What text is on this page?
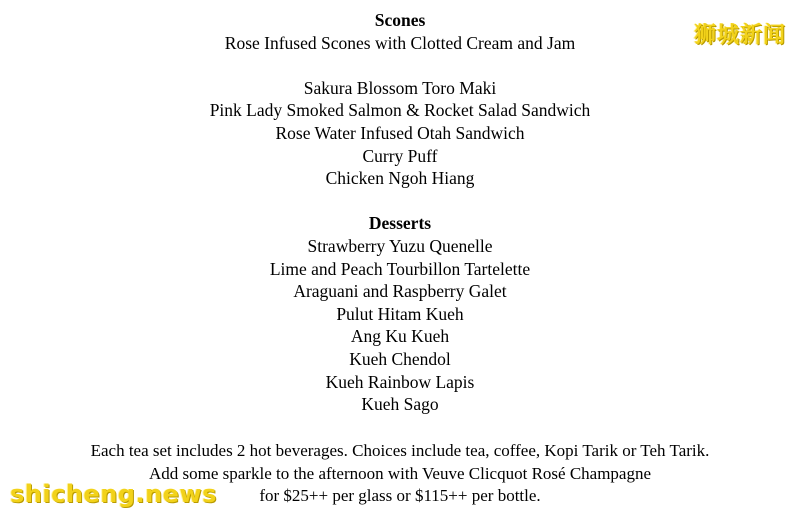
Scones
Rose Infused Scones with Clotted Cream and Jam
Sakura Blossom Toro Maki
Pink Lady Smoked Salmon & Rocket Salad Sandwich
Rose Water Infused Otah Sandwich
Curry Puff
Chicken Ngoh Hiang
Desserts
Strawberry Yuzu Quenelle
Lime and Peach Tourbillon Tartelette
Araguani and Raspberry Galet
Pulut Hitam Kueh
Ang Ku Kueh
Kueh Chendol
Kueh Rainbow Lapis
Kueh Sago
Each tea set includes 2 hot beverages. Choices include tea, coffee, Kopi Tarik or Teh Tarik.
Add some sparkle to the afternoon with Veuve Clicquot Rosé Champagne
for $25++ per glass or $115++ per bottle.
狮城新闻
shicheng.news
